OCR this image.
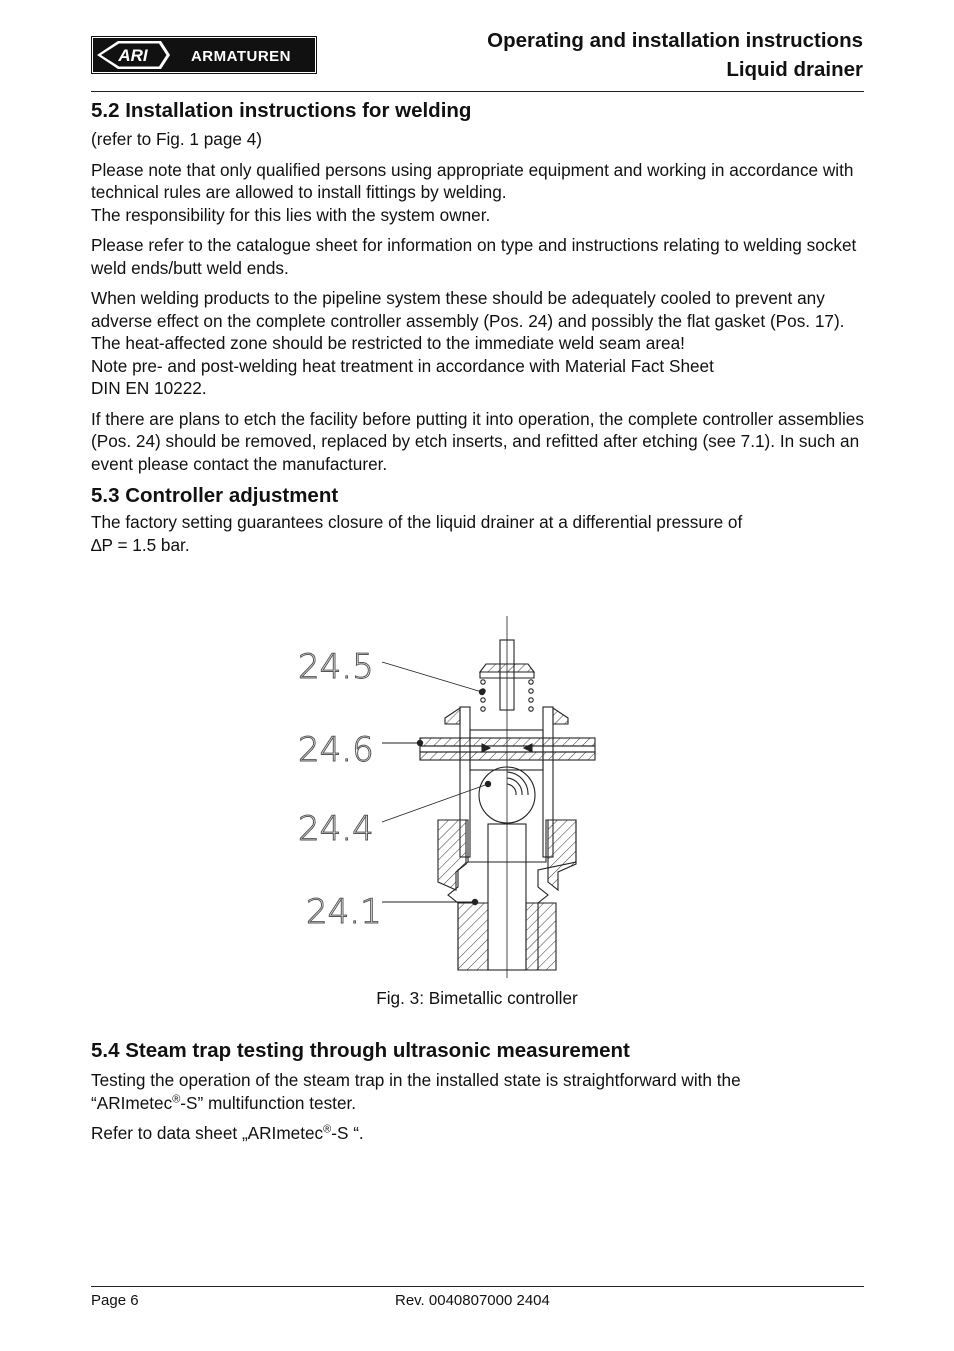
ARI	ARMATUREN
Operating and installation instructions
Liquid drainer
5.2 Installation instructions for welding

(refer to Fig. 1 page 4)

Please note that only qualified persons using appropriate equipment and working in accordance with technical rules are allowed to install fittings by welding.

The responsibility for this lies with the system owner.

Please refer to the catalogue sheet for information on type and instructions relating to welding socket weld ends/butt weld ends.

When welding products to the pipeline system these should be adequately cooled to prevent any adverse effect on the complete controller assembly (Pos. 24) and possibly the flat gasket (Pos. 17). The heat-affected zone should be restricted to the immediate weld seam area!

Note pre- and post-welding heat treatment in accordance with Material Fact Sheet

DIN EN 10222.

If there are plans to etch the facility before putting it into operation, the complete controller assemblies (Pos. 24) should be removed, replaced by etch inserts, and refitted after etching (see 7.1). In such an event please contact the manufacturer.

5.3 Controller adjustment

The factory setting guarantees closure of the liquid drainer at a differential pressure of

∆P = 1.5 bar.

24.5
24.6
24.4
24.1
Fig. 3: Bimetallic controller
5.4 Steam trap testing through ultrasonic measurement

Testing the operation of the steam trap in the installed state is straightforward with the

“ARImetec®-S” multifunction tester.

Refer to data sheet „ARImetec®-S “.

Page 6	Rev. 0040807000 2404
